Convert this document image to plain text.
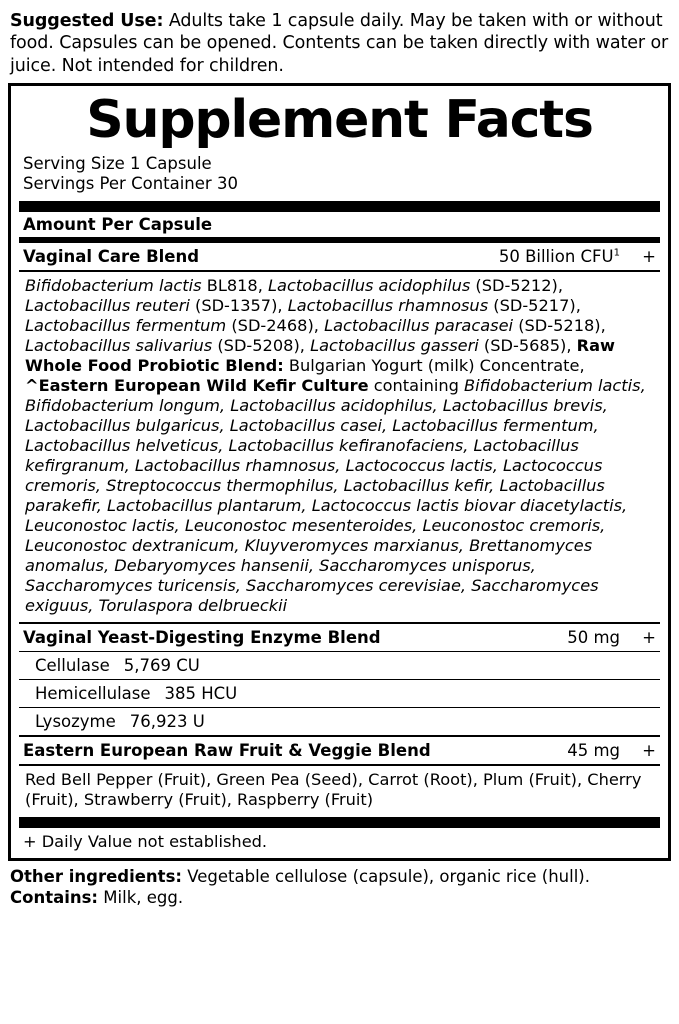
Suggested Use: Adults take 1 capsule daily. May be taken with or without food. Capsules can be opened. Contents can be taken directly with water or juice. Not intended for children.
Supplement Facts
Serving Size 1 Capsule
Servings Per Container 30
Amount Per Capsule
Vaginal Care Blend	50 Billion CFU$^1$	+
Bifidobacterium lactis BL818, Lactobacillus acidophilus (SD-5212), Lactobacillus reuteri (SD-1357), Lactobacillus rhamnosus (SD-5217), Lactobacillus fermentum (SD-2468), Lactobacillus paracasei (SD-5218), Lactobacillus salivarius (SD-5208), Lactobacillus gasseri (SD-5685), Raw Whole Food Probiotic Blend: Bulgarian Yogurt (milk) Concentrate, ^Eastern European Wild Kefir Culture containing Bifidobacterium lactis, Bifidobacterium longum, Lactobacillus acidophilus, Lactobacillus brevis, Lactobacillus bulgaricus, Lactobacillus casei, Lactobacillus fermentum, Lactobacillus helveticus, Lactobacillus kefiranofaciens, Lactobacillus kefirgranum, Lactobacillus rhamnosus, Lactococcus lactis, Lactococcus cremoris, Streptococcus thermophilus, Lactobacillus kefir, Lactobacillus parakefir, Lactobacillus plantarum, Lactococcus lactis biovar diacetylactis, Leuconostoc lactis, Leuconostoc mesenteroides, Leuconostoc cremoris, Leuconostoc dextranicum, Kluyveromyces marxianus, Brettanomyces anomalus, Debaryomyces hansenii, Saccharomyces unisporus, Saccharomyces turicensis, Saccharomyces cerevisiae, Saccharomyces exiguus, Torulaspora delbrueckii
Vaginal Yeast-Digesting Enzyme Blend	50 mg	+
Cellulase 5,769 CU
Hemicellulase 385 HCU
Lysozyme 76,923 U
Eastern European Raw Fruit & Veggie Blend	45 mg	+
Red Bell Pepper (Fruit), Green Pea (Seed), Carrot (Root), Plum (Fruit), Cherry (Fruit), Strawberry (Fruit), Raspberry (Fruit)
+ Daily Value not established.
Other ingredients: Vegetable cellulose (capsule), organic rice (hull).
Contains: Milk, egg.
